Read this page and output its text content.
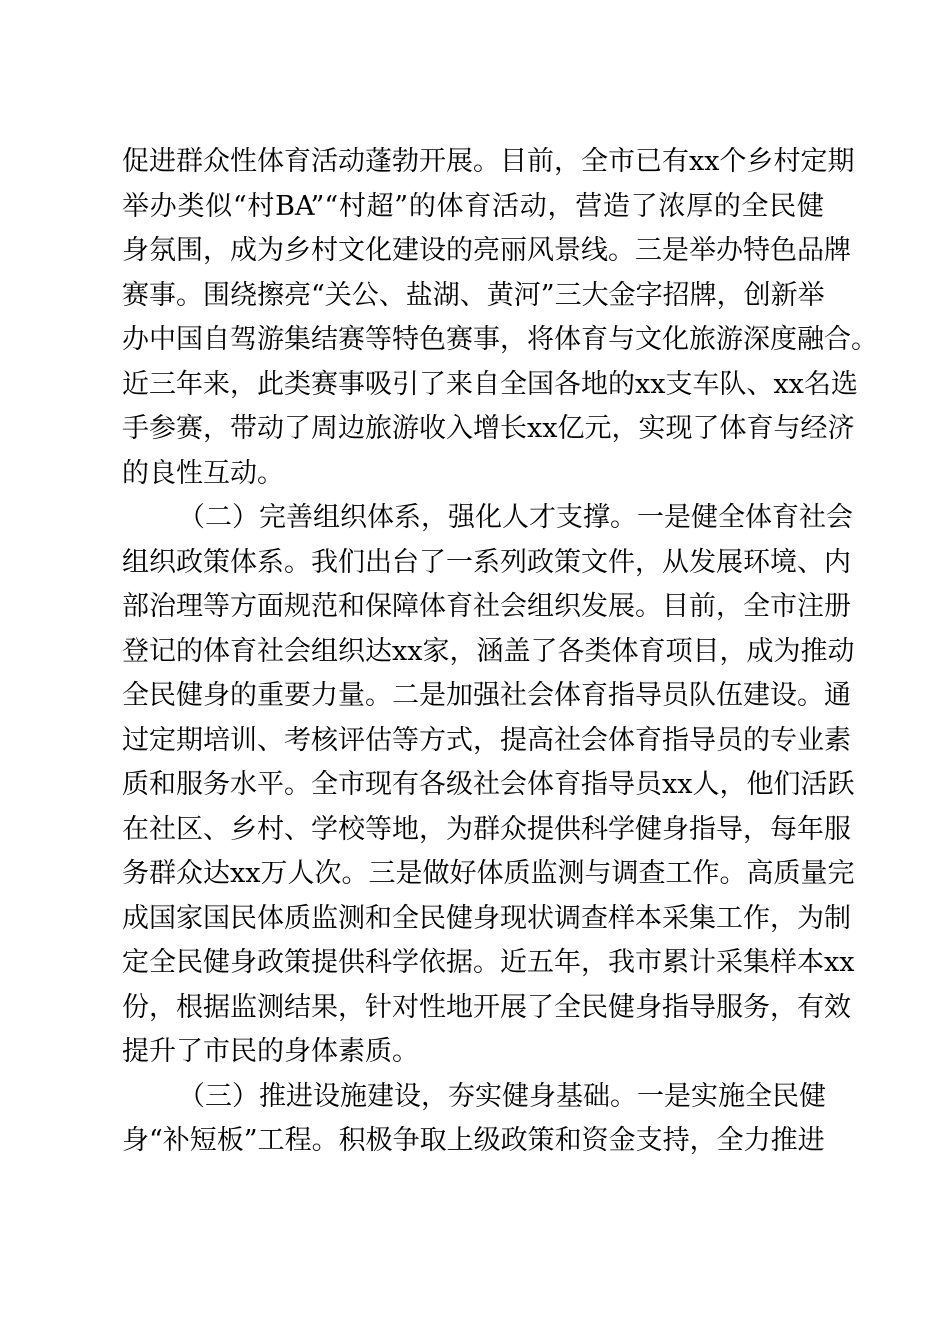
促进群众性体育活动蓬勃开展。目前，全市已有xx个乡村定期
举办类似“村BA”“村超”的体育活动，营造了浓厚的全民健
身氛围，成为乡村文化建设的亮丽风景线。三是举办特色品牌
赛事。围绕擦亮“关公、盐湖、黄河”三大金字招牌，创新举
办中国自驾游集结赛等特色赛事，将体育与文化旅游深度融合。
近三年来，此类赛事吸引了来自全国各地的xx支车队、xx名选
手参赛，带动了周边旅游收入增长xx亿元，实现了体育与经济
的良性互动。
（二）完善组织体系，强化人才支撑。一是健全体育社会
组织政策体系。我们出台了一系列政策文件，从发展环境、内
部治理等方面规范和保障体育社会组织发展。目前，全市注册
登记的体育社会组织达xx家，涵盖了各类体育项目，成为推动
全民健身的重要力量。二是加强社会体育指导员队伍建设。通
过定期培训、考核评估等方式，提高社会体育指导员的专业素
质和服务水平。全市现有各级社会体育指导员xx人，他们活跃
在社区、乡村、学校等地，为群众提供科学健身指导，每年服
务群众达xx万人次。三是做好体质监测与调查工作。高质量完
成国家国民体质监测和全民健身现状调查样本采集工作，为制
定全民健身政策提供科学依据。近五年，我市累计采集样本xx
份，根据监测结果，针对性地开展了全民健身指导服务，有效
提升了市民的身体素质。
（三）推进设施建设，夯实健身基础。一是实施全民健
身“补短板”工程。积极争取上级政策和资金支持，全力推进
